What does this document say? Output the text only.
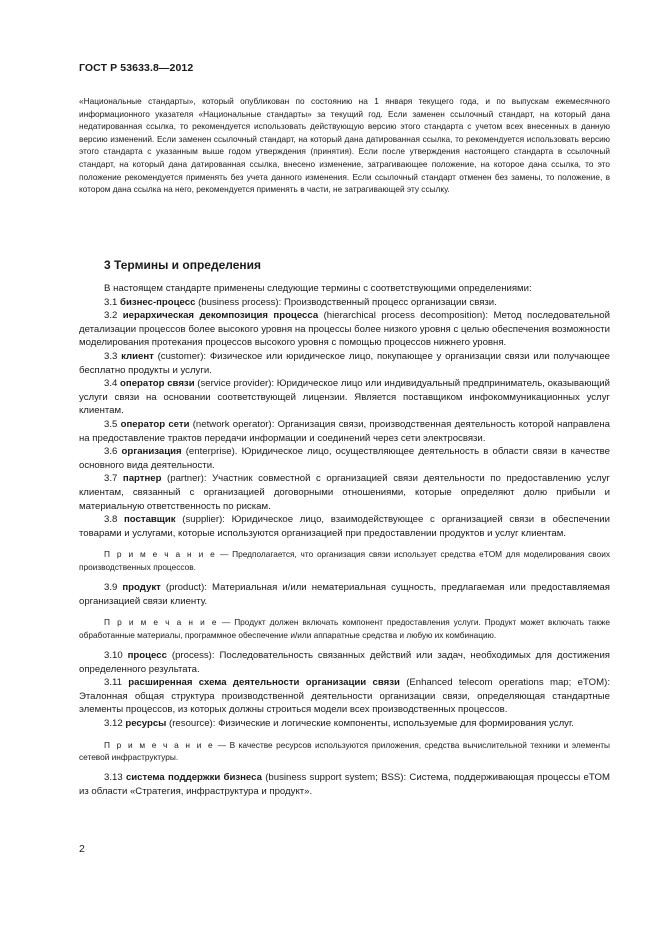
ГОСТ Р 53633.8—2012
«Национальные стандарты», который опубликован по состоянию на 1 января текущего года, и по выпускам ежемесячного информационного указателя «Национальные стандарты» за текущий год. Если заменен ссылочный стандарт, на который дана недатированная ссылка, то рекомендуется использовать действующую версию этого стандарта с учетом всех внесенных в данную версию изменений. Если заменен ссылочный стандарт, на который дана датированная ссылка, то рекомендуется использовать версию этого стандарта с указанным выше годом утверждения (принятия). Если после утверждения настоящего стандарта в ссылочный стандарт, на который дана датированная ссылка, внесено изменение, затрагивающее положение, на которое дана ссылка, то это положение рекомендуется применять без учета данного изменения. Если ссылочный стандарт отменен без замены, то положение, в котором дана ссылка на него, рекомендуется применять в части, не затрагивающей эту ссылку.
3 Термины и определения

В настоящем стандарте применены следующие термины с соответствующими определениями:

3.1 бизнес-процесс (business process): Производственный процесс организации связи.

3.2 иерархическая декомпозиция процесса (hierarchical process decomposition): Метод последовательной детализации процессов более высокого уровня на процессы более низкого уровня с целью обеспечения возможности моделирования протекания процессов высокого уровня с помощью процессов нижнего уровня.

3.3 клиент (customer): Физическое или юридическое лицо, покупающее у организации связи или получающее бесплатно продукты и услуги.

3.4 оператор связи (service provider): Юридическое лицо или индивидуальный предприниматель, оказывающий услуги связи на основании соответствующей лицензии. Является поставщиком инфокоммуникационных услуг клиентам.

3.5 оператор сети (network operator): Организация связи, производственная деятельность которой направлена на предоставление трактов передачи информации и соединений через сети электросвязи.

3.6 организация (enterprise). Юридическое лицо, осуществляющее деятельность в области связи в качестве основного вида деятельности.

3.7 партнер (partner): Участник совместной с организацией связи деятельности по предоставлению услуг клиентам, связанный с организацией договорными отношениями, которые определяют долю прибыли и материальную ответственность по рискам.

3.8 поставщик (supplier): Юридическое лицо, взаимодействующее с организацией связи в обеспечении товарами и услугами, которые используются организацией при предоставлении продуктов и услуг клиентам.

П р и м е ч а н и е — Предполагается, что организация связи использует средства eTOM для моделирования своих производственных процессов.

3.9 продукт (product): Материальная и/или нематериальная сущность, предлагаемая или предоставляемая организацией связи клиенту.

П р и м е ч а н и е — Продукт должен включать компонент предоставления услуги. Продукт может включать также обработанные материалы, программное обеспечение и/или аппаратные средства и любую их комбинацию.

3.10 процесс (process): Последовательность связанных действий или задач, необходимых для достижения определенного результата.

3.11 расширенная схема деятельности организации связи (Enhanced telecom operations map; eTOM): Эталонная общая структура производственной деятельности организации связи, определяющая стандартные элементы процессов, из которых должны строиться модели всех производственных процессов.

3.12 ресурсы (resource): Физические и логические компоненты, используемые для формирования услуг.

П р и м е ч а н и е — В качестве ресурсов используются приложения, средства вычислительной техники и элементы сетевой инфраструктуры.

3.13 система поддержки бизнеса (business support system; BSS): Система, поддерживающая процессы eTOM из области «Стратегия, инфраструктура и продукт».

2
